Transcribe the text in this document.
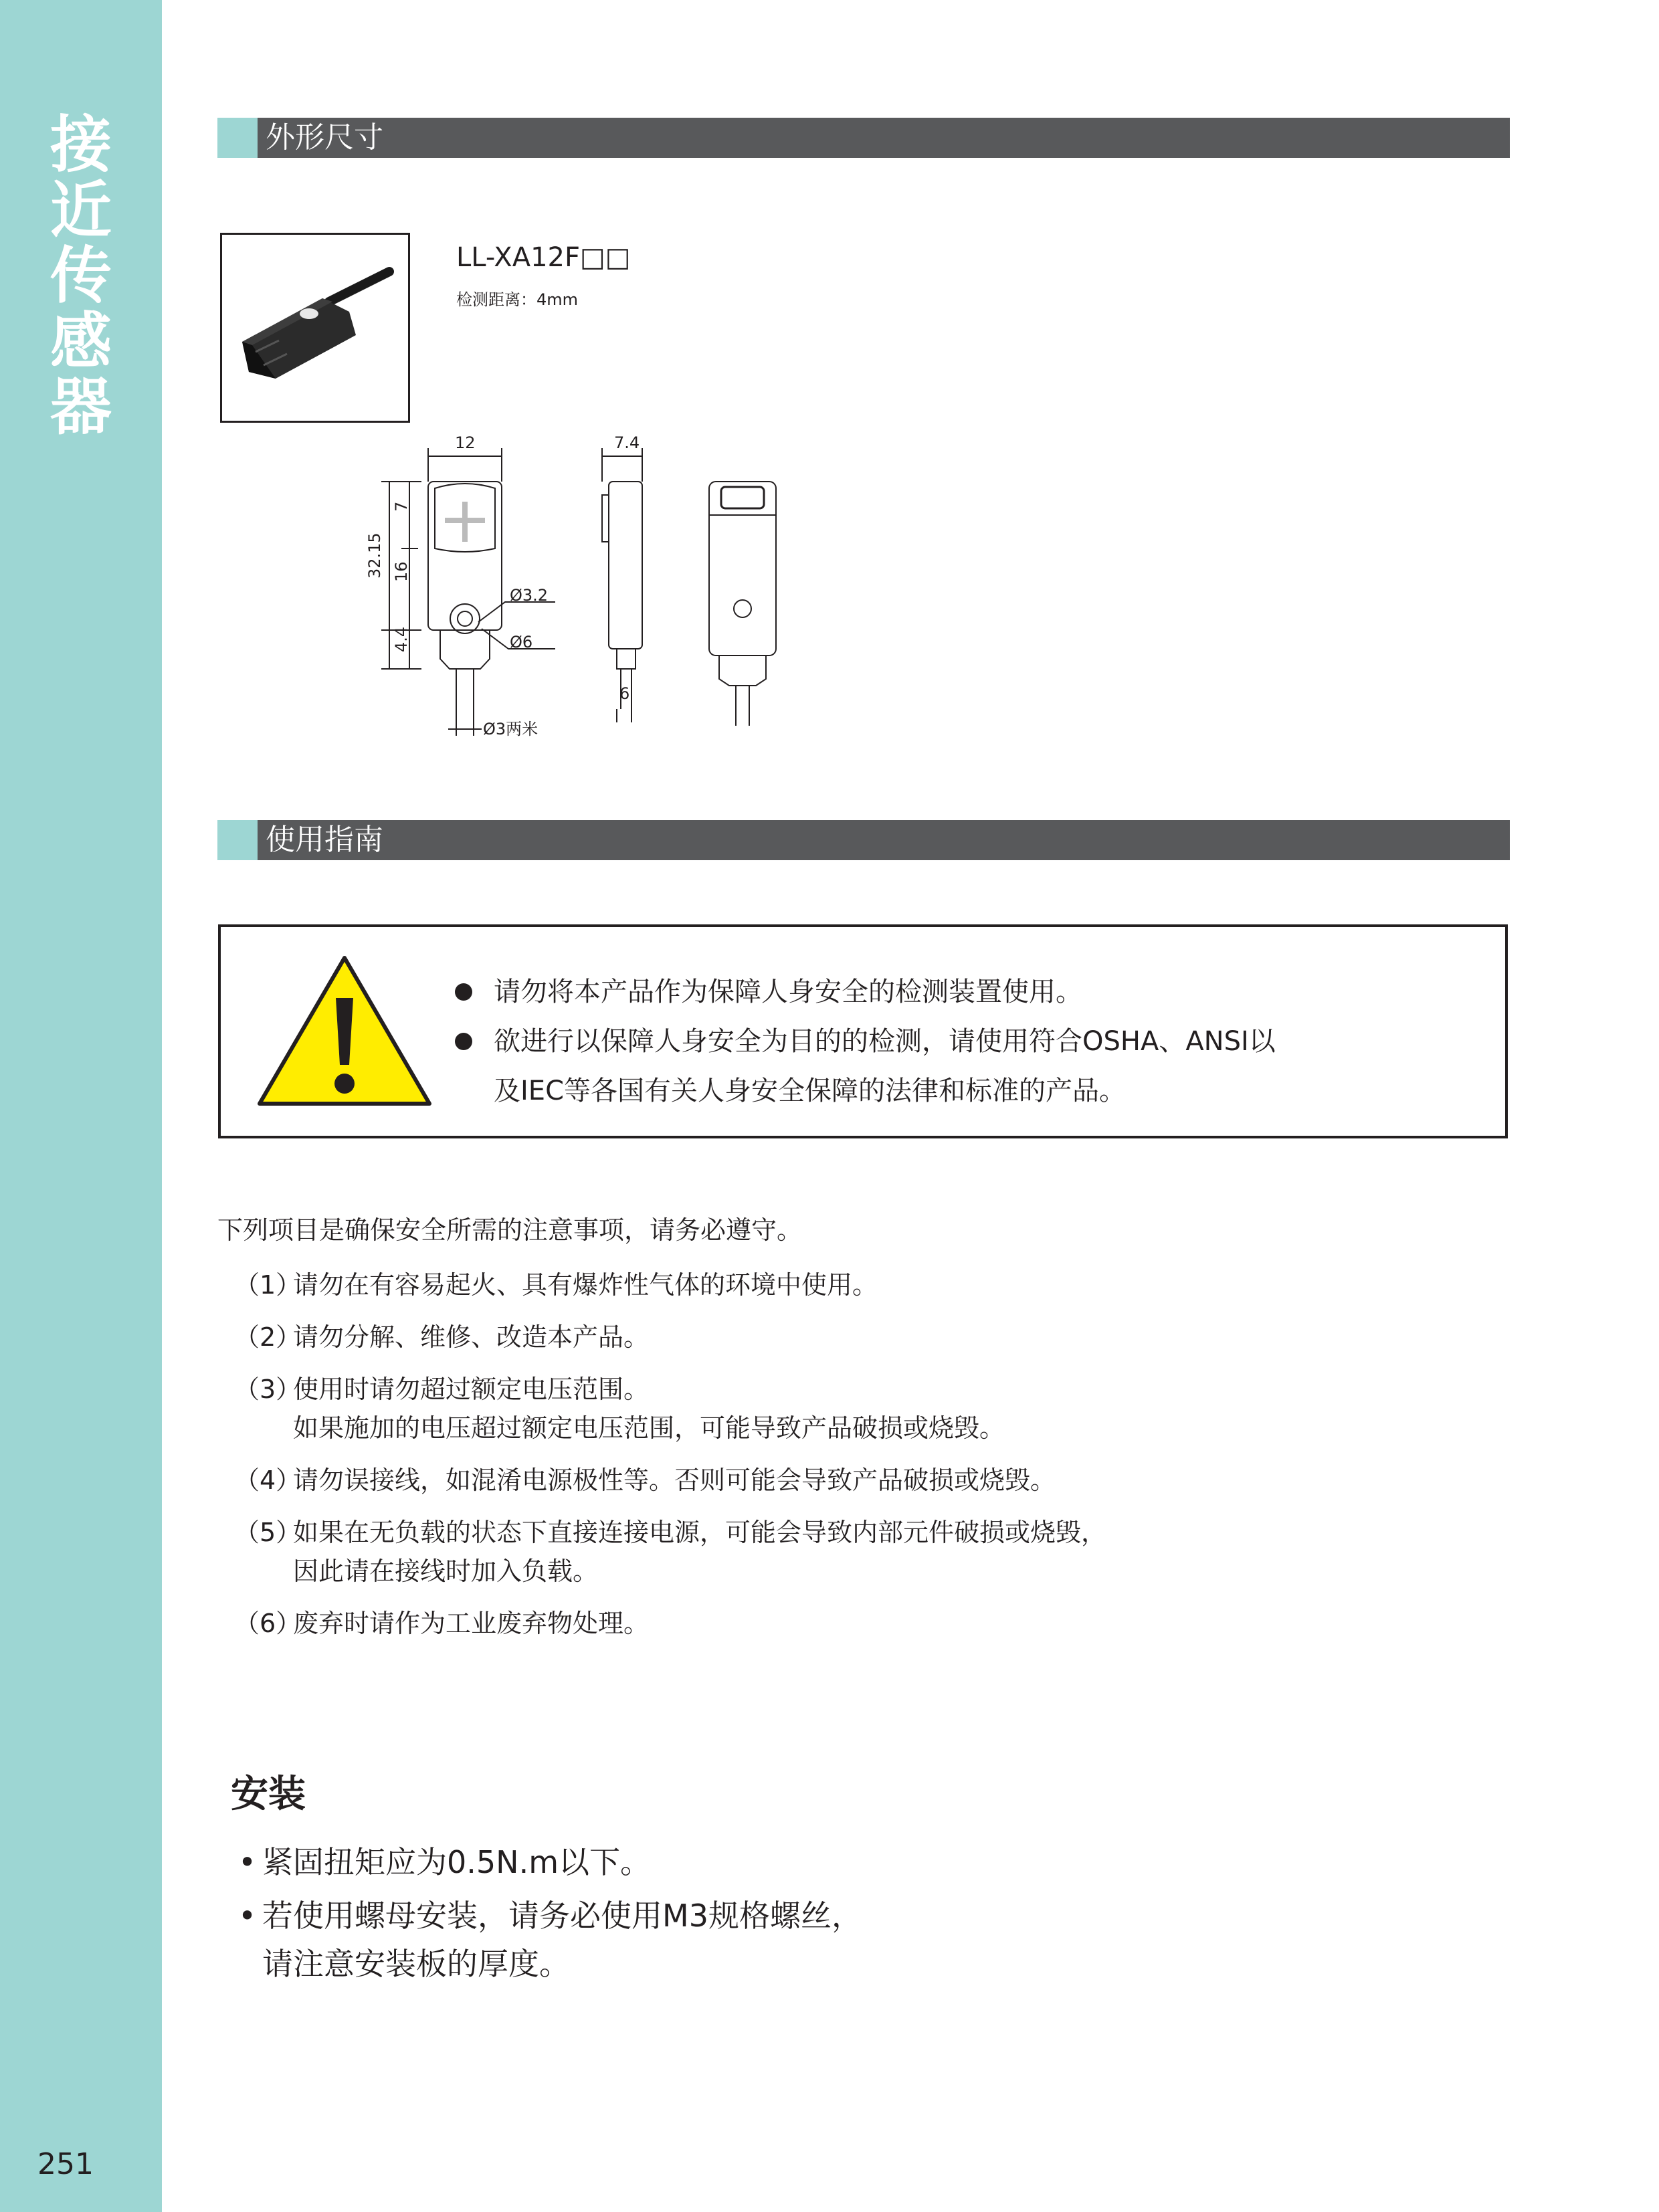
接
近
传
感
器
251
外形尺寸
LL-XA12F□□
检测距离：4mm
12	7.4
7
16
32.15
4.4
Ø3.2
Ø6
6
Ø3两米
使用指南
请勿将本产品作为保障人身安全的检测装置使用。
欲进行以保障人身安全为目的的检测，请使用符合OSHA、ANSI以
及IEC等各国有关人身安全保障的法律和标准的产品。
下列项目是确保安全所需的注意事项，请务必遵守。
（1）请勿在有容易起火、具有爆炸性气体的环境中使用。
（2）请勿分解、维修、改造本产品。
（3）使用时请勿超过额定电压范围。
如果施加的电压超过额定电压范围，可能导致产品破损或烧毁。
（4）请勿误接线，如混淆电源极性等。否则可能会导致产品破损或烧毁。
（5）如果在无负载的状态下直接连接电源，可能会导致内部元件破损或烧毁，
因此请在接线时加入负载。
（6）废弃时请作为工业废弃物处理。
安装
• 紧固扭矩应为0.5N.m以下。
• 若使用螺母安装，请务必使用M3规格螺丝，
请注意安装板的厚度。
